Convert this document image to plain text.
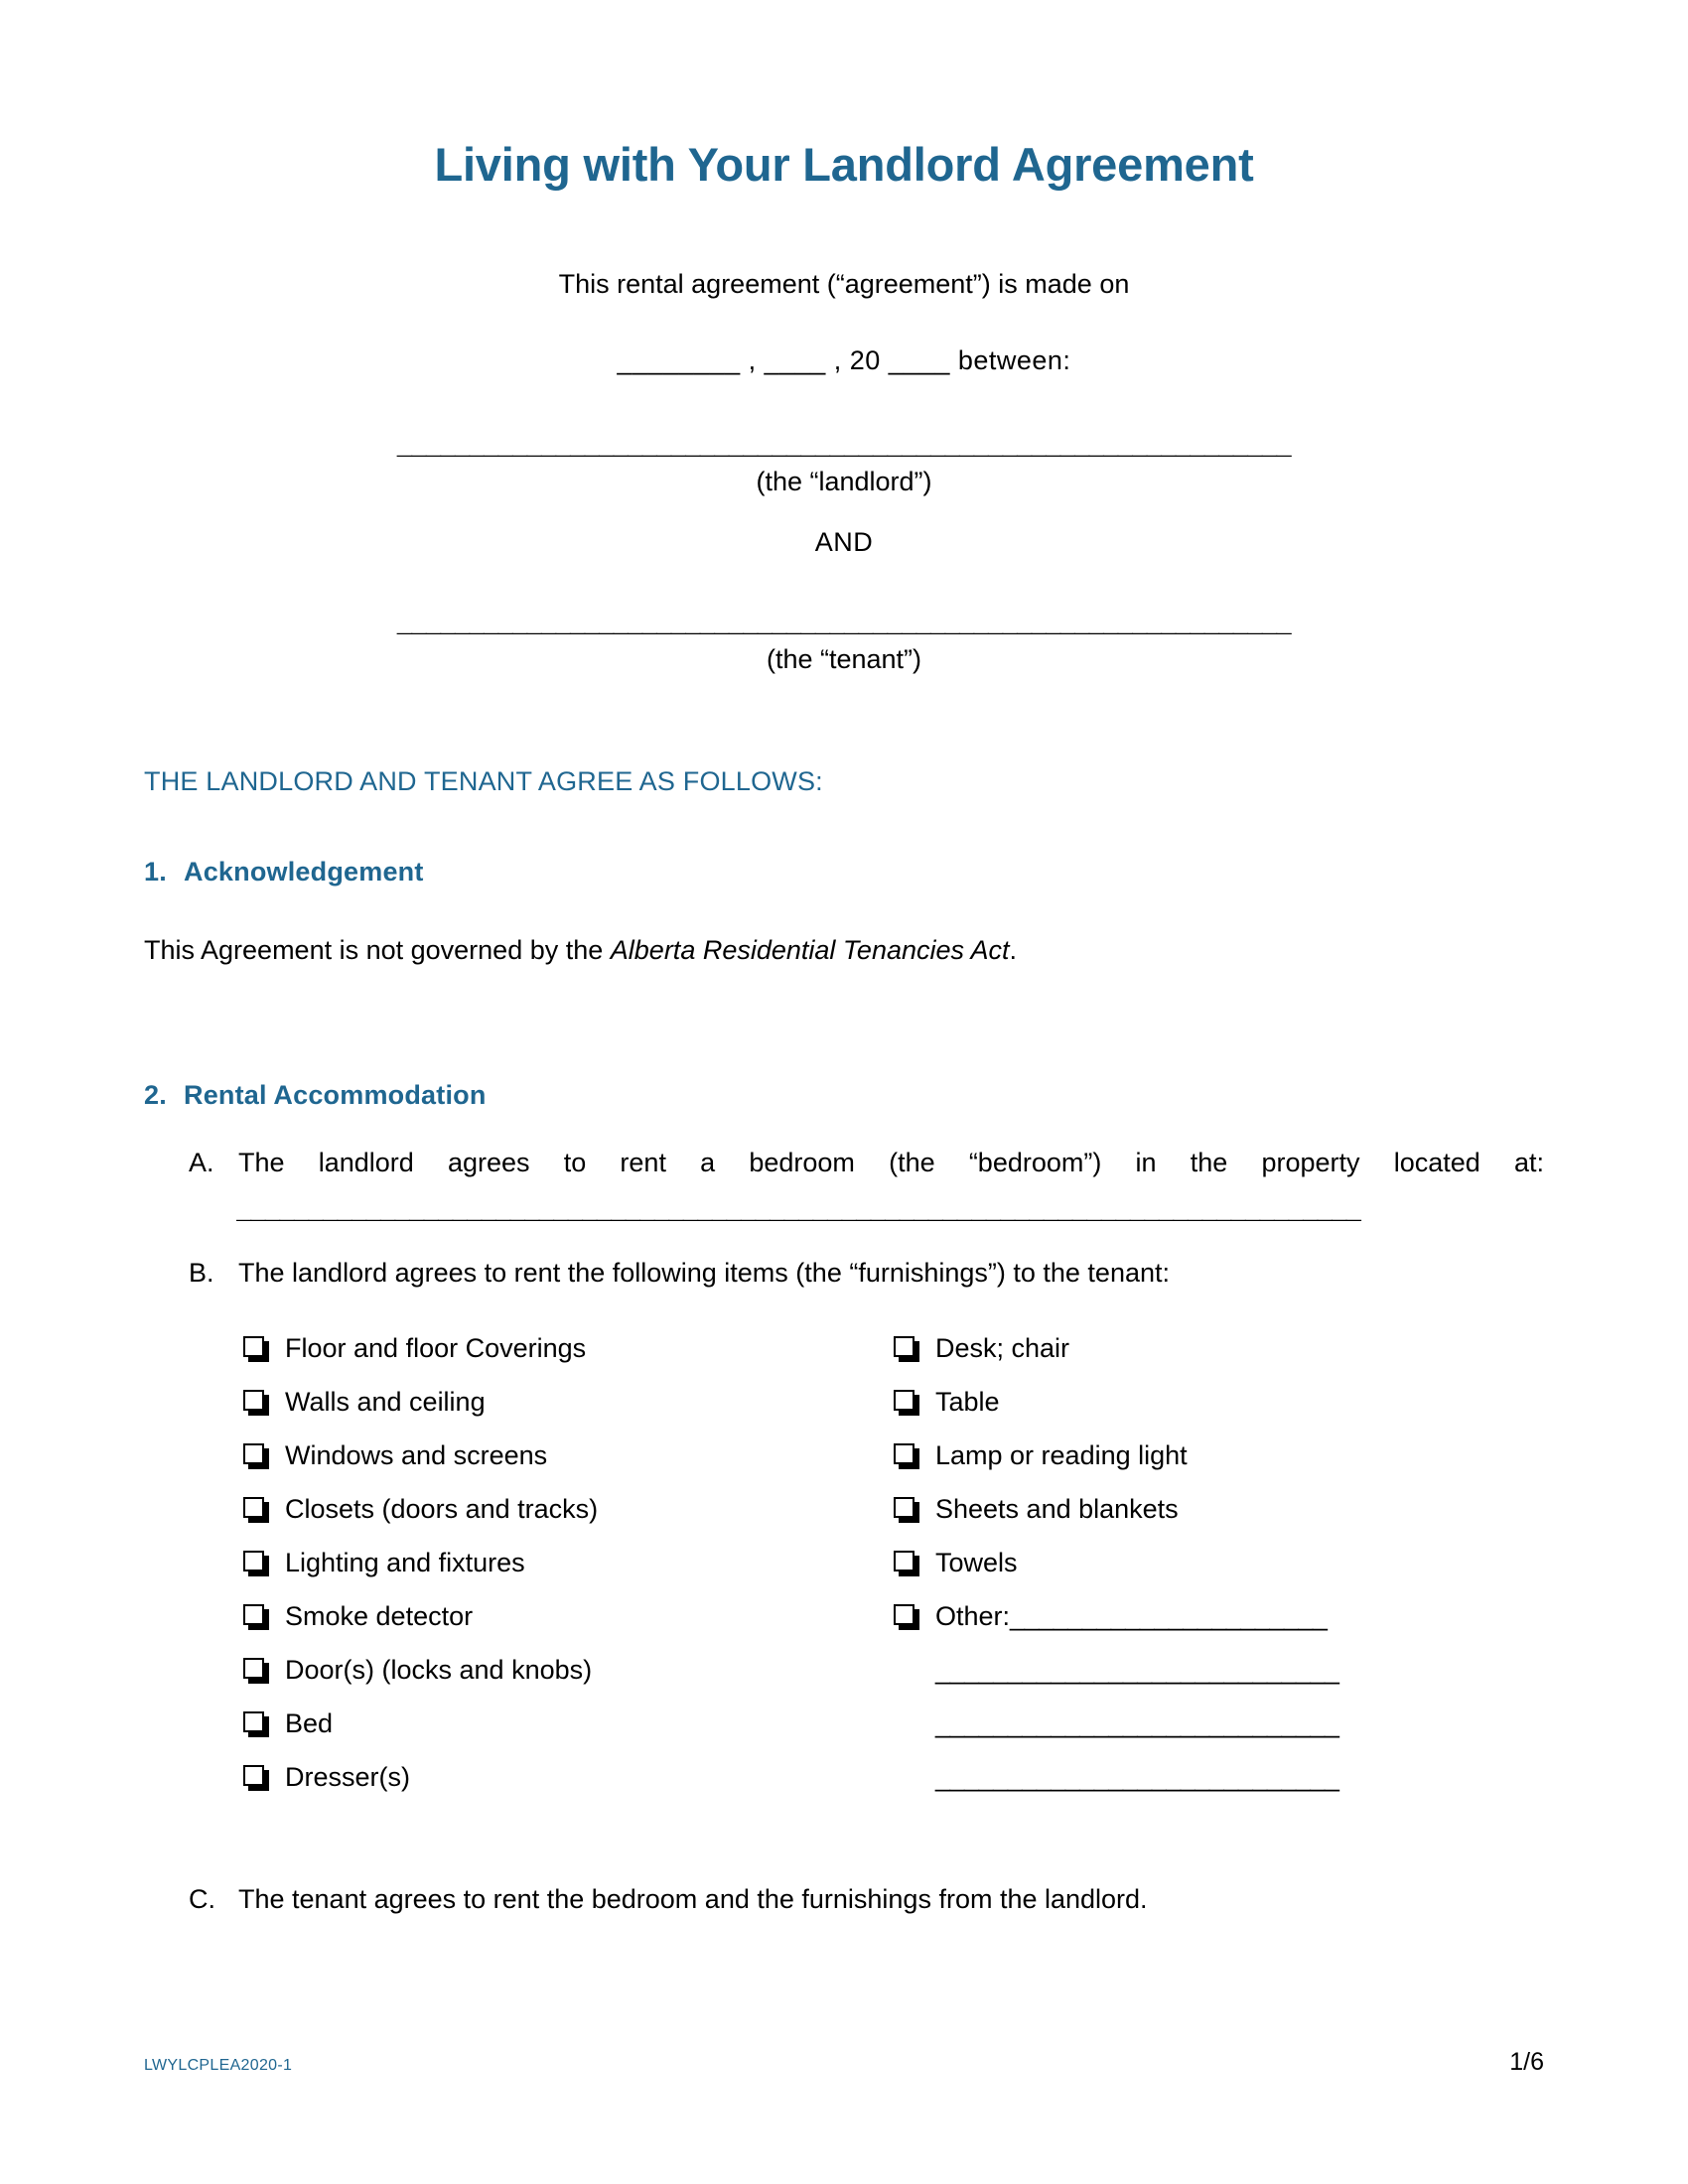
Living with Your Landlord Agreement
This rental agreement (“agreement”) is made on
________ , ____ , 20 ____ between:
______________________________________________________________
(the “landlord”)
AND
______________________________________________________________
(the “tenant”)
THE LANDLORD AND TENANT AGREE AS FOLLOWS:
1. Acknowledgement
This Agreement is not governed by the Alberta Residential Tenancies Act.
2. Rental Accommodation
A. The landlord agrees to rent a bedroom (the “bedroom”) in the property located at:
______________________________________________________________________________
B. The landlord agrees to rent the following items (the “furnishings”) to the tenant:
Floor and floor Coverings
Walls and ceiling
Windows and screens
Closets (doors and tracks)
Lighting and fixtures
Smoke detector
Door(s) (locks and knobs)
Bed
Dresser(s)
Desk; chair
Table
Lamp or reading light
Sheets and blankets
Towels
Other:______________________
____________________________
____________________________
____________________________
C. The tenant agrees to rent the bedroom and the furnishings from the landlord.
LWYLCPLEA2020-1	1/6
